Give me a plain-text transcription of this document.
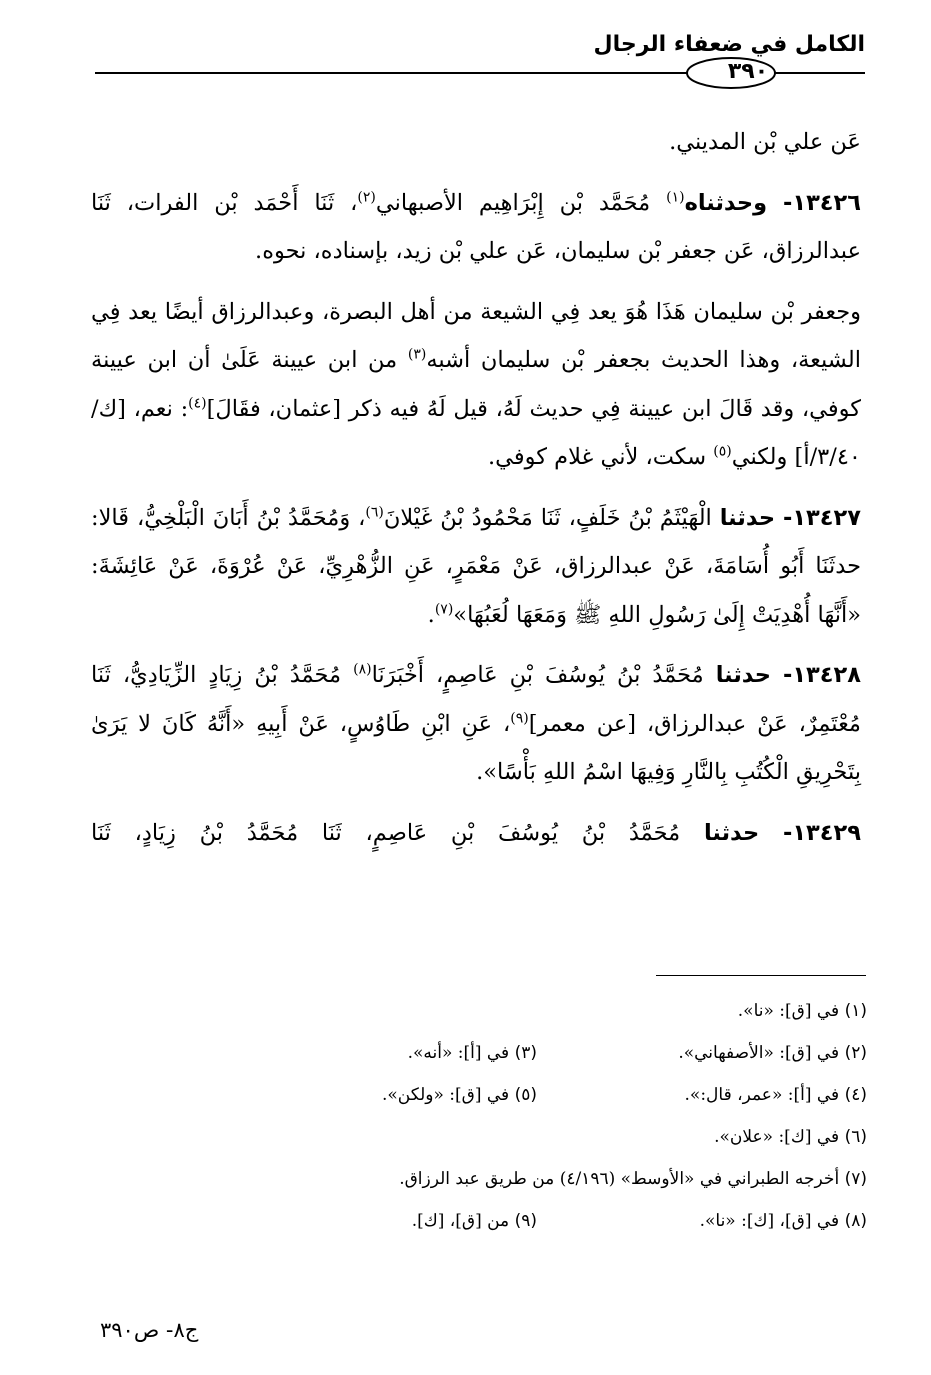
الكامل في ضعفاء الرجال
٣٩٠

عَن علي بْن المديني.

١٣٤٢٦- وحدثناه$^{(١)}$ مُحَمَّد بْن إِبْرَاهِيم الأصبهاني$^{(٢)}$، ثَنَا أَحْمَد بْن الفرات، ثَنَا عبدالرزاق، عَن جعفر بْن سليمان، عَن علي بْن زيد، بإسناده، نحوه.

وجعفر بْن سليمان هَذَا هُوَ يعد فِي الشيعة من أهل البصرة، وعبدالرزاق أيضًا يعد فِي الشيعة، وهذا الحديث بجعفر بْن سليمان أشبه$^{(٣)}$ من ابن عيينة عَلَىٰ أن ابن عيينة كوفي، وقد قَالَ ابن عيينة فِي حديث لَهُ، قيل لَهُ فيه ذكر [عثمان، فقَالَ]$^{(٤)}$: نعم، [ك/٣/٤٠/أ] ولكني$^{(٥)}$ سكت، لأني غلام كوفي.

١٣٤٢٧- حدثنا الْهَيْثَمُ بْنُ خَلَفٍ، ثَنَا مَحْمُودُ بْنُ غَيْلانَ$^{(٦)}$، وَمُحَمَّدُ بْنُ أَبَانَ الْبَلْخِيُّ، قَالا: حدثَنَا أَبُو أُسَامَةَ، عَنْ عبدالرزاق، عَنْ مَعْمَرٍ، عَنِ الزُّهْرِيِّ، عَنْ عُرْوَةَ، عَنْ عَائِشَةَ: «أَنَّهَا أُهْدِيَتْ إِلَىٰ رَسُولِ اللهِ ﷺ وَمَعَهَا لُعَبُهَا»$^{(٧)}$.

١٣٤٢٨- حدثنا مُحَمَّدُ بْنُ يُوسُفَ بْنِ عَاصِمٍ، أَخْبَرَنَا$^{(٨)}$ مُحَمَّدُ بْنُ زِيَادٍ الزِّيَادِيُّ، ثَنَا مُعْتَمِرٌ، عَنْ عبدالرزاق، [عن معمر]$^{(٩)}$، عَنِ ابْنِ طَاوُسٍ، عَنْ أَبِيهِ «أَنَّهُ كَانَ لا يَرَىٰ بِتَحْرِيقِ الْكُتُبِ بِالنَّارِ وَفِيهَا اسْمُ اللهِ بَأْسًا».

١٣٤٢٩- حدثنا مُحَمَّدُ بْنُ يُوسُفَ بْنِ عَاصِمٍ، ثَنَا مُحَمَّدُ بْنُ زِيَادٍ، ثَنَا

(١) في [ق]: «نا».
(٢) في [ق]: «الأصفهاني».
(٣) في [أ]: «أنه».
(٤) في [أ]: «عمر، قال:».
(٥) في [ق]: «ولكن».
(٦) في [ك]: «علان».
(٧) أخرجه الطبراني في «الأوسط» (٤/١٩٦) من طريق عبد الرزاق.
(٨) في [ق]، [ك]: «نا».
(٩) من [ق]، [ك].
ج٨- ص٣٩٠
